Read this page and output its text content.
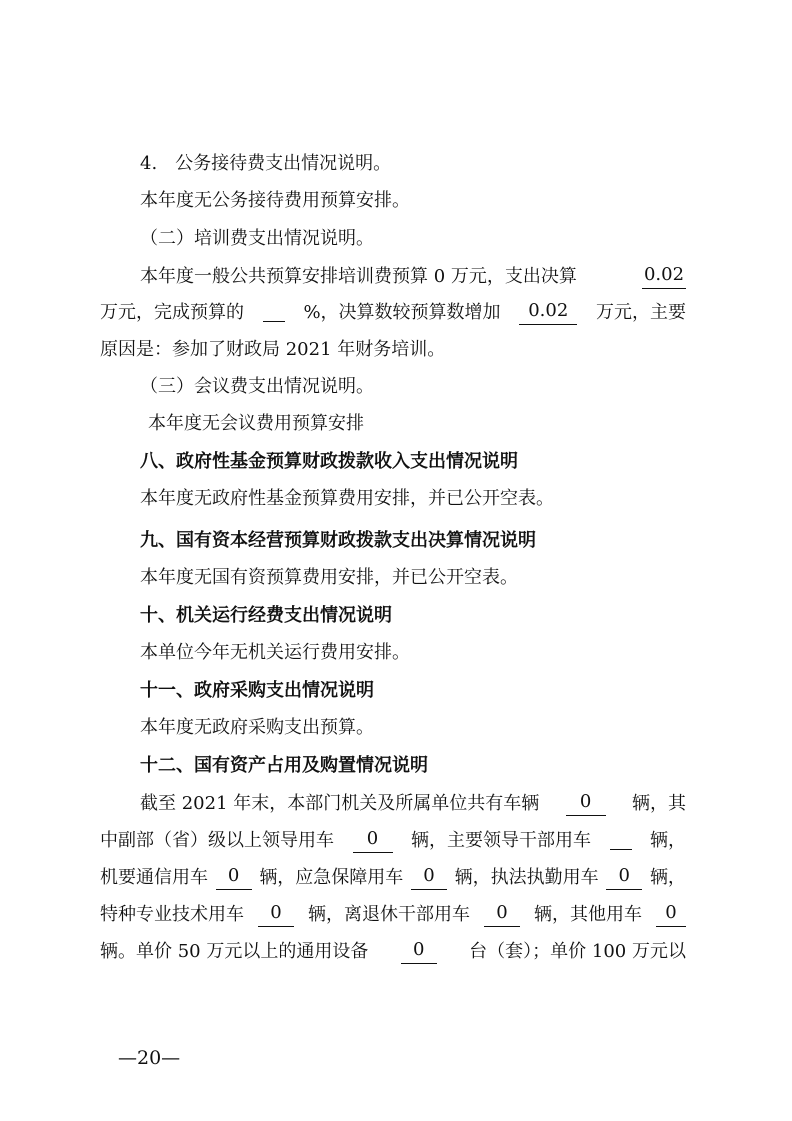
4.　公务接待费支出情况说明。
本年度无公务接待费用预算安排。
（二）培训费支出情况说明。
本年度一般公共预算安排培训费预算 0 万元，支出决算	0.02
万元，完成预算的	%，决算数较预算数增加	0.02	万元，主要
原因是：参加了财政局 2021 年财务培训。
（三）会议费支出情况说明。
本年度无会议费用预算安排
八、政府性基金预算财政拨款收入支出情况说明
本年度无政府性基金预算费用安排，并已公开空表。
九、国有资本经营预算财政拨款支出决算情况说明
本年度无国有资预算费用安排，并已公开空表。
十、机关运行经费支出情况说明
本单位今年无机关运行费用安排。
十一、政府采购支出情况说明
本年度无政府采购支出预算。
十二、国有资产占用及购置情况说明
截至 2021 年末，本部门机关及所属单位共有车辆	0	辆，其
中副部（省）级以上领导用车	0	辆，主要领导干部用车	辆，
机要通信用车	0	辆，应急保障用车	0	辆，执法执勤用车	0	辆，
特种专业技术用车	0	辆，离退休干部用车	0	辆，其他用车	0
辆。单价 50 万元以上的通用设备	0	台（套）；单价 100 万元以
—20—
